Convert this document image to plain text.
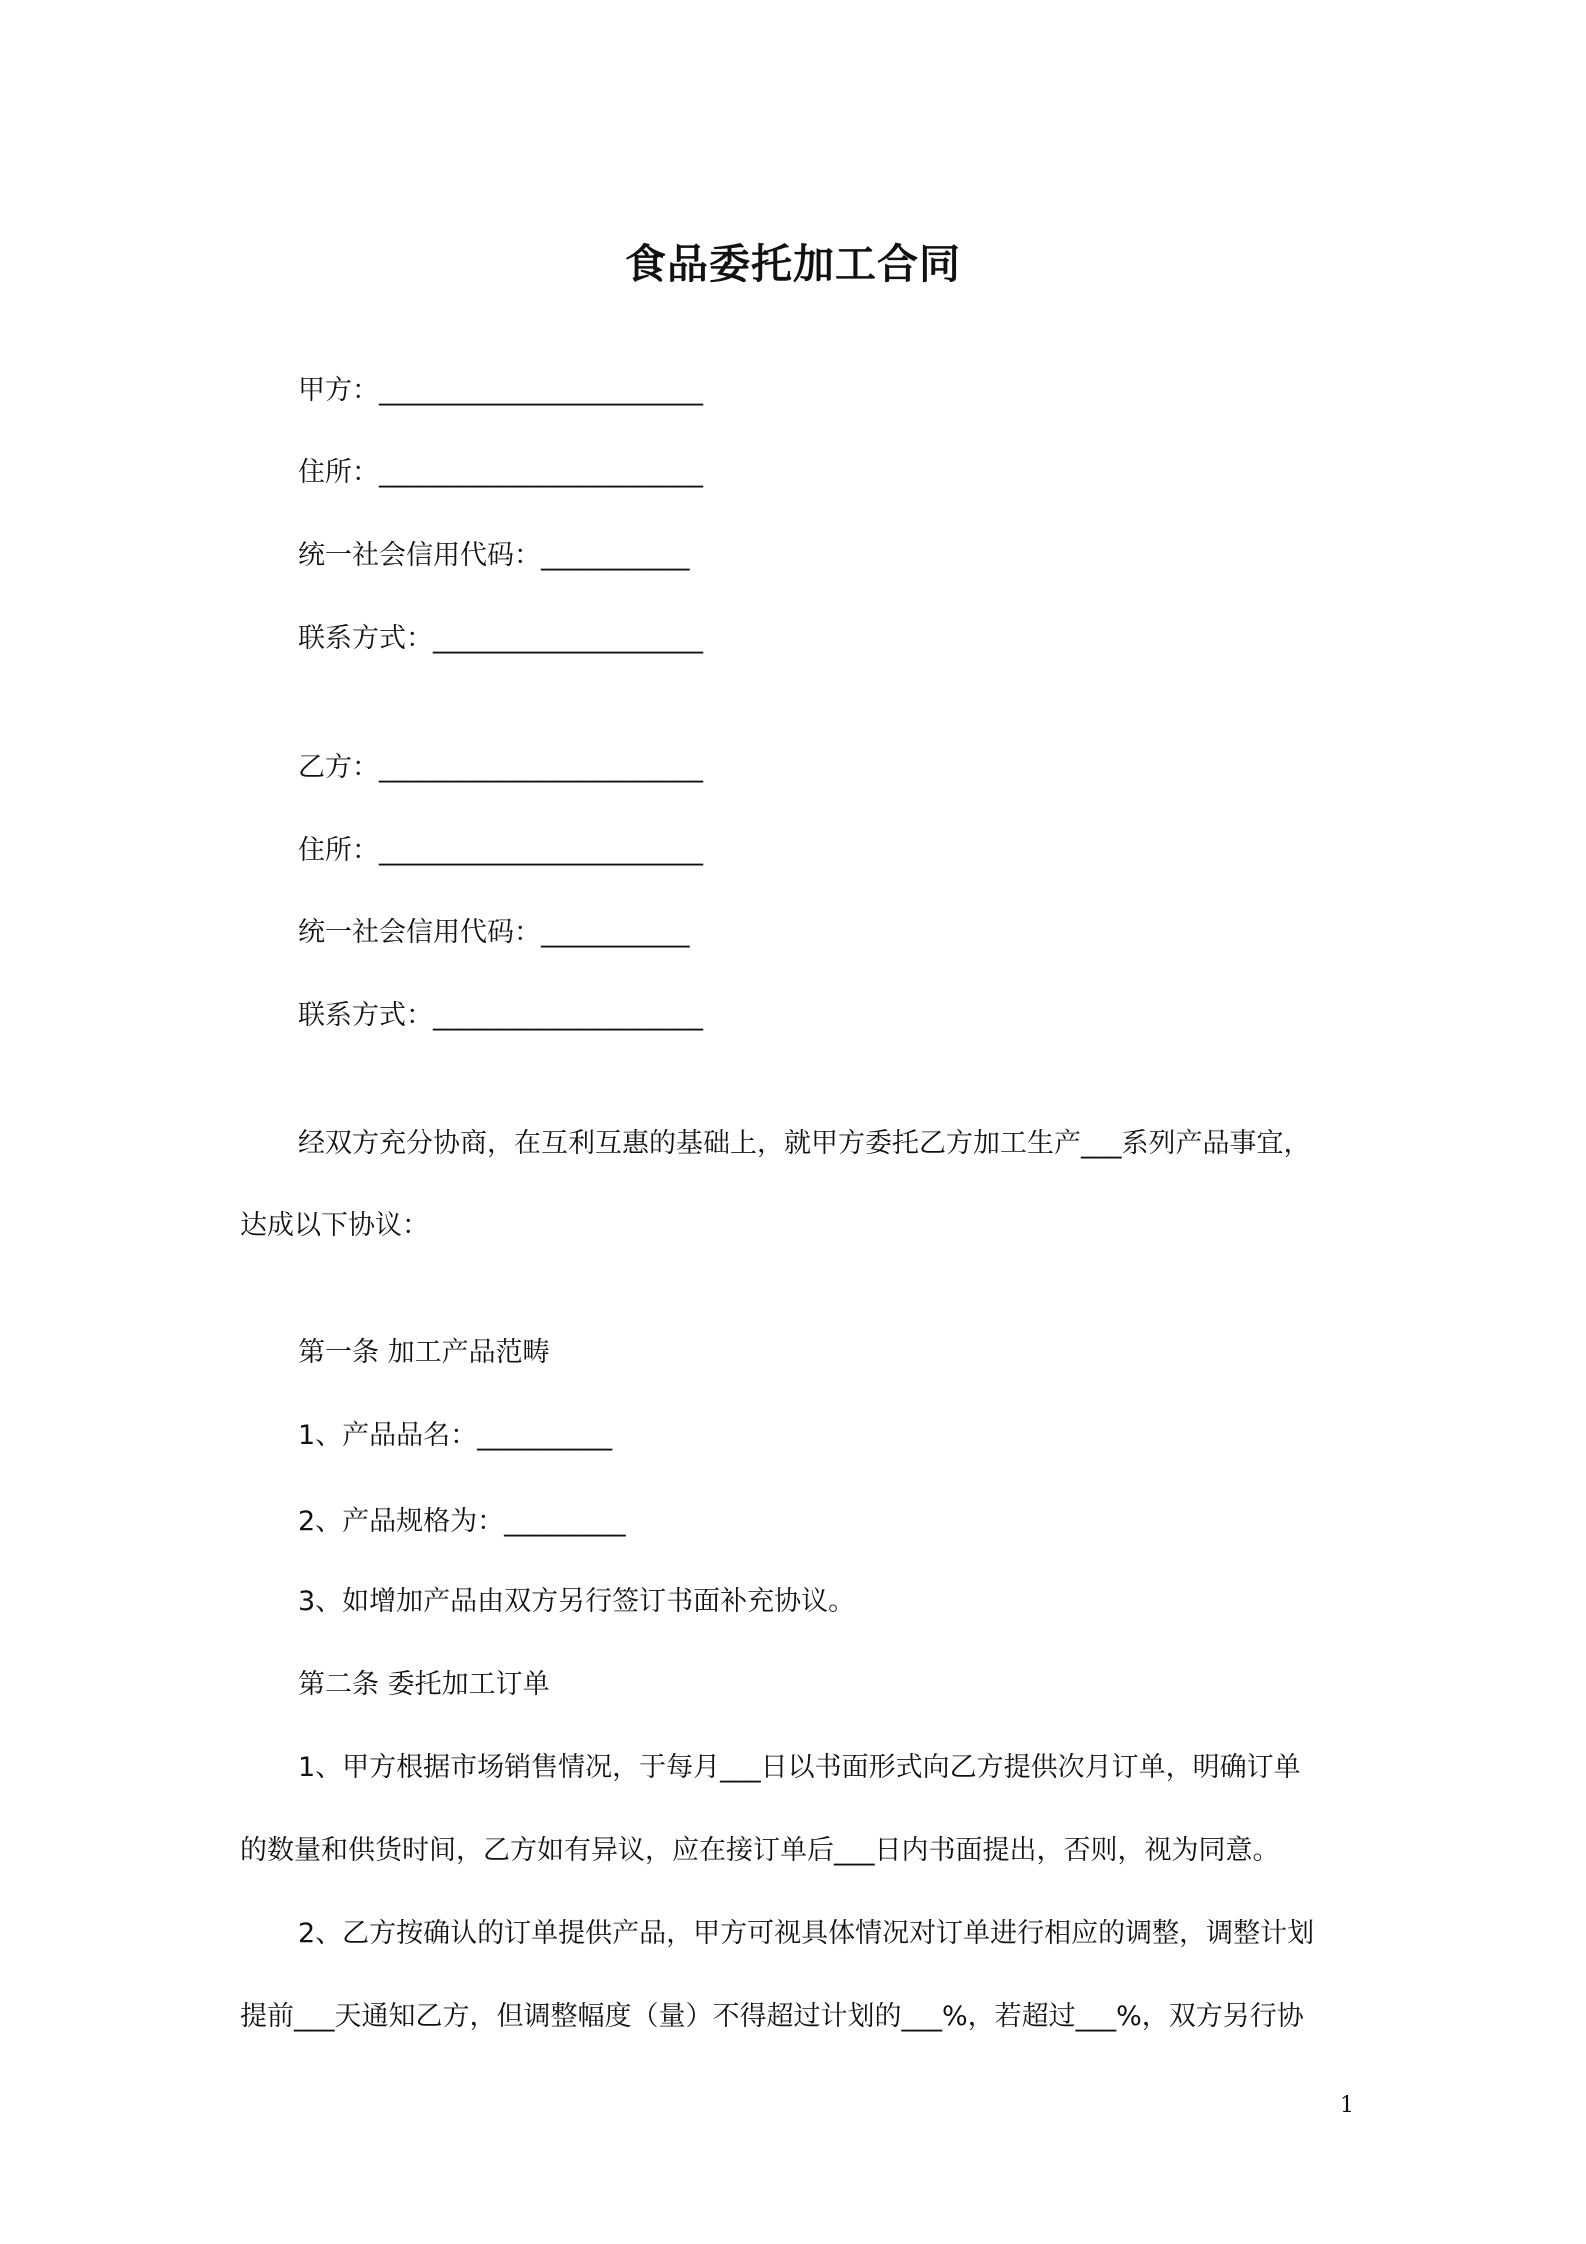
食品委托加工合同
甲方：________________________
住所：________________________
统一社会信用代码：___________
联系方式：____________________
乙方：________________________
住所：________________________
统一社会信用代码：___________
联系方式：____________________
经双方充分协商，在互利互惠的基础上，就甲方委托乙方加工生产___系列产品事宜，
达成以下协议：
第一条 加工产品范畴
1、产品品名：__________
2、产品规格为：_________
3、如增加产品由双方另行签订书面补充协议。
第二条 委托加工订单
1、甲方根据市场销售情况，于每月___日以书面形式向乙方提供次月订单，明确订单
的数量和供货时间，乙方如有异议，应在接订单后___日内书面提出，否则，视为同意。
2、乙方按确认的订单提供产品，甲方可视具体情况对订单进行相应的调整，调整计划
提前___天通知乙方，但调整幅度（量）不得超过计划的___%，若超过___%，双方另行协
1
